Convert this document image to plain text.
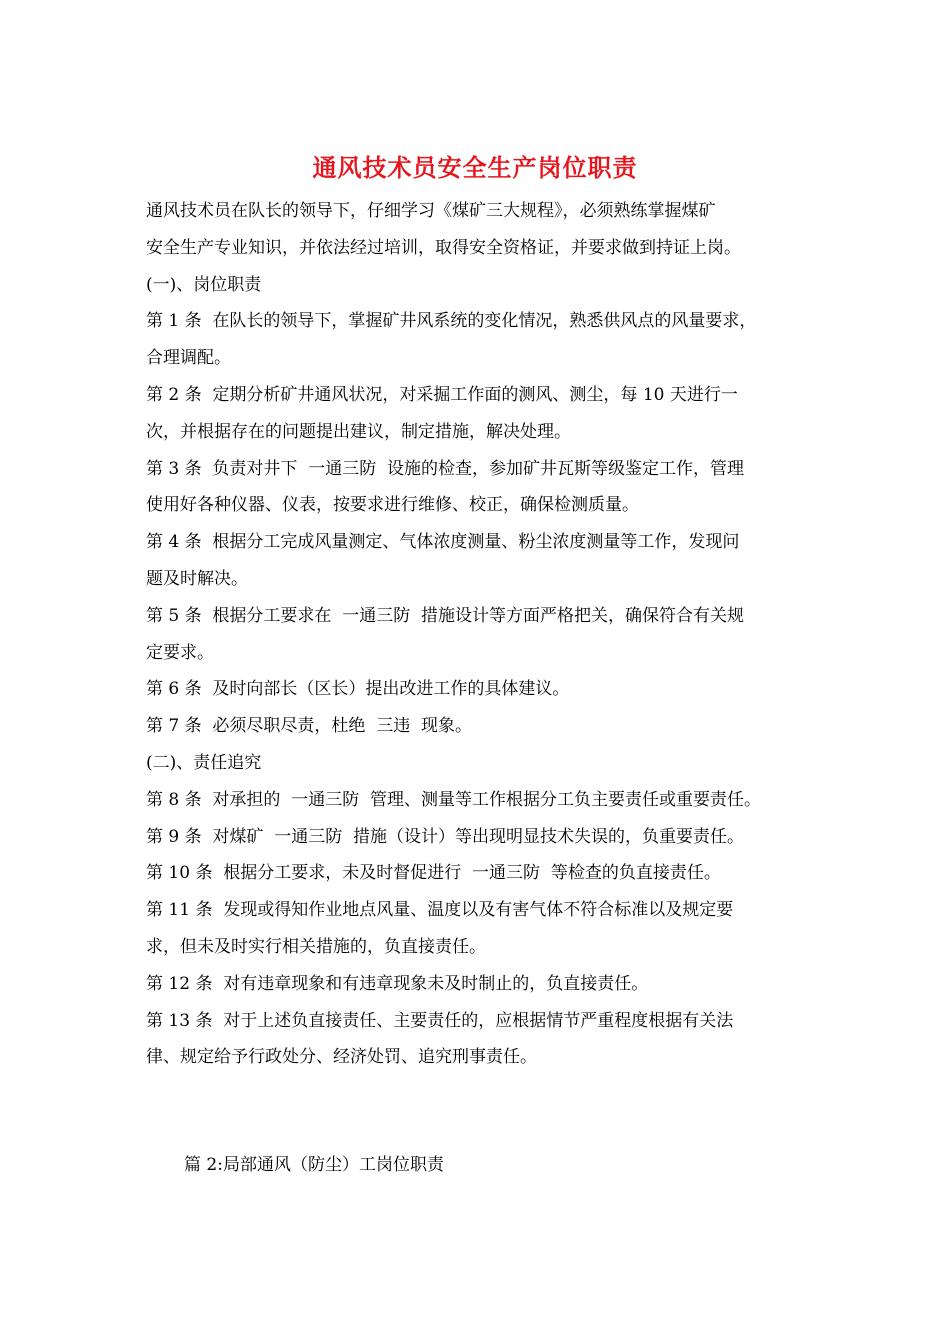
通风技术员安全生产岗位职责
通风技术员在队长的领导下，仔细学习《煤矿三大规程》，必须熟练掌握煤矿
安全生产专业知识，并依法经过培训，取得安全资格证，并要求做到持证上岗。
(一)、岗位职责
第 1 条  在队长的领导下，掌握矿井风系统的变化情况，熟悉供风点的风量要求，
合理调配。
第 2 条  定期分析矿井通风状况，对采掘工作面的测风、测尘，每 10 天进行一
次，并根据存在的问题提出建议，制定措施，解决处理。
第 3 条  负责对井下  一通三防  设施的检查，参加矿井瓦斯等级鉴定工作，管理
使用好各种仪器、仪表，按要求进行维修、校正，确保检测质量。
第 4 条  根据分工完成风量测定、气体浓度测量、粉尘浓度测量等工作，发现问
题及时解决。
第 5 条  根据分工要求在  一通三防  措施设计等方面严格把关，确保符合有关规
定要求。
第 6 条  及时向部长（区长）提出改进工作的具体建议。
第 7 条  必须尽职尽责，杜绝  三违  现象。
(二)、责任追究
第 8 条  对承担的  一通三防  管理、测量等工作根据分工负主要责任或重要责任。
第 9 条  对煤矿  一通三防  措施（设计）等出现明显技术失误的，负重要责任。
第 10 条  根据分工要求，未及时督促进行  一通三防  等检查的负直接责任。
第 11 条  发现或得知作业地点风量、温度以及有害气体不符合标准以及规定要
求，但未及时实行相关措施的，负直接责任。
第 12 条  对有违章现象和有违章现象未及时制止的，负直接责任。
第 13 条  对于上述负直接责任、主要责任的，应根据情节严重程度根据有关法
律、规定给予行政处分、经济处罚、追究刑事责任。
篇 2:局部通风（防尘）工岗位职责
